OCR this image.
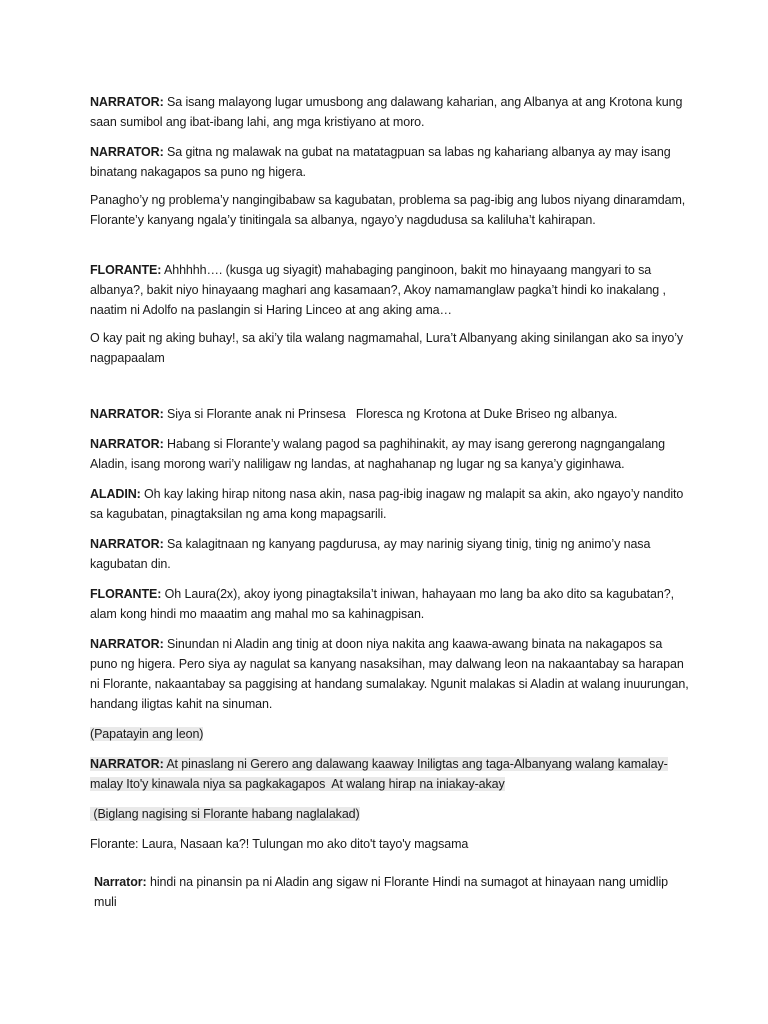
NARRATOR: Sa isang malayong lugar umusbong ang dalawang kaharian, ang Albanya at ang Krotona kung saan sumibol ang ibat-ibang lahi, ang mga kristiyano at moro.

NARRATOR: Sa gitna ng malawak na gubat na matatagpuan sa labas ng kahariang albanya ay may isang binatang nakagapos sa puno ng higera.

Panagho’y ng problema’y nangingibabaw sa kagubatan, problema sa pag-ibig ang lubos niyang dinaramdam, Florante’y kanyang ngala’y tinitingala sa albanya, ngayo’y nagdudusa sa kaliluha’t kahirapan.

FLORANTE: Ahhhhh…. (kusga ug siyagit) mahabaging panginoon, bakit mo hinayaang mangyari to sa albanya?, bakit niyo hinayaang maghari ang kasamaan?, Akoy namamanglaw pagka’t hindi ko inakalang , naatim ni Adolfo na paslangin si Haring Linceo at ang aking ama…

O kay pait ng aking buhay!, sa aki’y tila walang nagmamahal, Lura’t Albanyang aking sinilangan ako sa inyo’y nagpapaalam

NARRATOR: Siya si Florante anak ni Prinsesa   Floresca ng Krotona at Duke Briseo ng albanya.

NARRATOR: Habang si Florante’y walang pagod sa paghihinakit, ay may isang gererong nagngangalang Aladin, isang morong wari’y naliligaw ng landas, at naghahanap ng lugar ng sa kanya’y giginhawa.

ALADIN: Oh kay laking hirap nitong nasa akin, nasa pag-ibig inagaw ng malapit sa akin, ako ngayo’y nandito sa kagubatan, pinagtaksilan ng ama kong mapagsarili.

NARRATOR: Sa kalagitnaan ng kanyang pagdurusa, ay may narinig siyang tinig, tinig ng animo’y nasa kagubatan din.

FLORANTE: Oh Laura(2x), akoy iyong pinagtaksila’t iniwan, hahayaan mo lang ba ako dito sa kagubatan?, alam kong hindi mo maaatim ang mahal mo sa kahinagpisan.

NARRATOR: Sinundan ni Aladin ang tinig at doon niya nakita ang kaawa-awang binata na nakagapos sa puno ng higera. Pero siya ay nagulat sa kanyang nasaksihan, may dalwang leon na nakaantabay sa harapan ni Florante, nakaantabay sa paggising at handang sumalakay. Ngunit malakas si Aladin at walang inuurungan, handang iligtas kahit na sinuman.

(Papatayin ang leon)

NARRATOR: At pinaslang ni Gerero ang dalawang kaaway Iniligtas ang taga-Albanyang walang kamalay-malay Ito'y kinawala niya sa pagkakagapos  At walang hirap na iniakay-akay

(Biglang nagising si Florante habang naglalakad)

Florante: Laura, Nasaan ka?! Tulungan mo ako dito't tayo'y magsama

Narrator: hindi na pinansin pa ni Aladin ang sigaw ni Florante Hindi na sumagot at hinayaan nang umidlip muli
